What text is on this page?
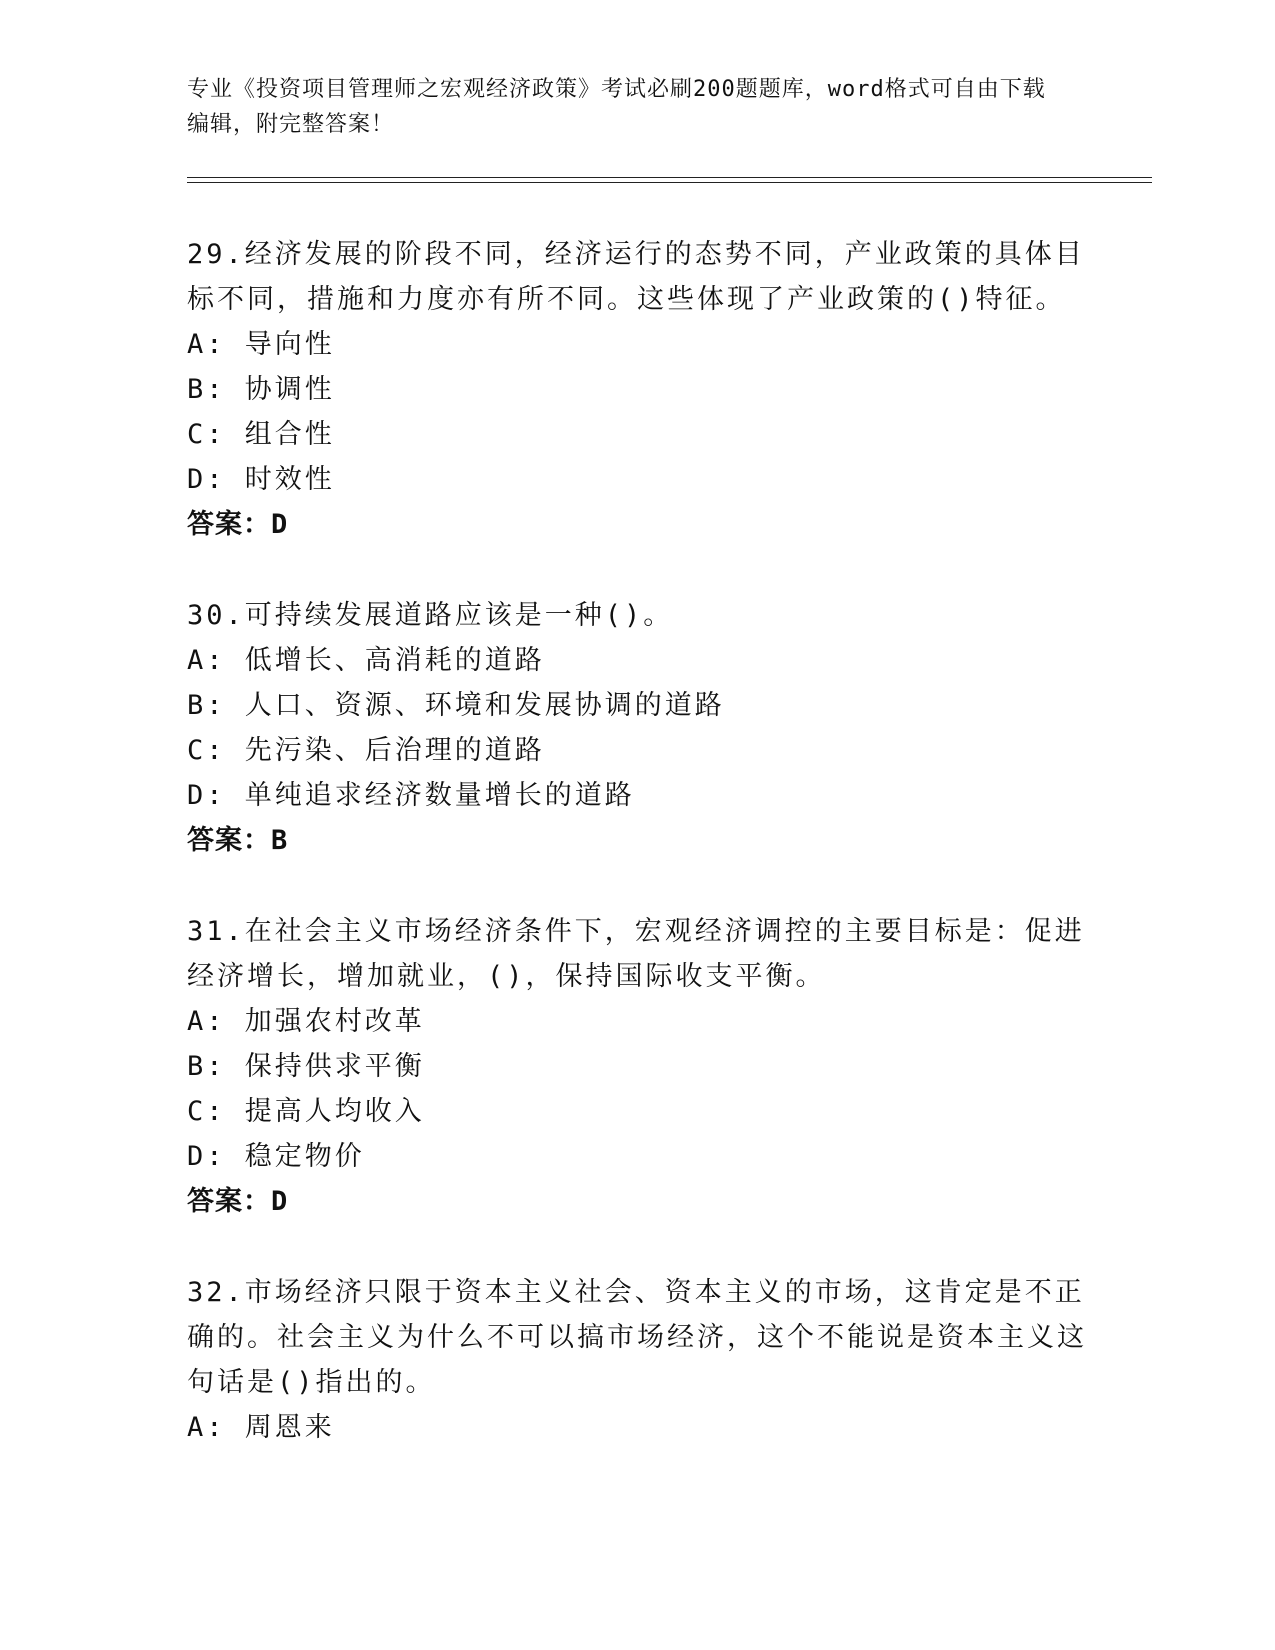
专业《投资项目管理师之宏观经济政策》考试必刷200题题库，word格式可自由下载编辑，附完整答案！
29.经济发展的阶段不同，经济运行的态势不同，产业政策的具体目标不同，措施和力度亦有所不同。这些体现了产业政策的()特征。
A: 导向性
B: 协调性
C: 组合性
D: 时效性
答案：D
30.可持续发展道路应该是一种()。
A: 低增长、高消耗的道路
B: 人口、资源、环境和发展协调的道路
C: 先污染、后治理的道路
D: 单纯追求经济数量增长的道路
答案：B
31.在社会主义市场经济条件下，宏观经济调控的主要目标是：促进经济增长，增加就业，()，保持国际收支平衡。
A: 加强农村改革
B: 保持供求平衡
C: 提高人均收入
D: 稳定物价
答案：D
32.市场经济只限于资本主义社会、资本主义的市场，这肯定是不正确的。社会主义为什么不可以搞市场经济，这个不能说是资本主义这句话是()指出的。
A: 周恩来
